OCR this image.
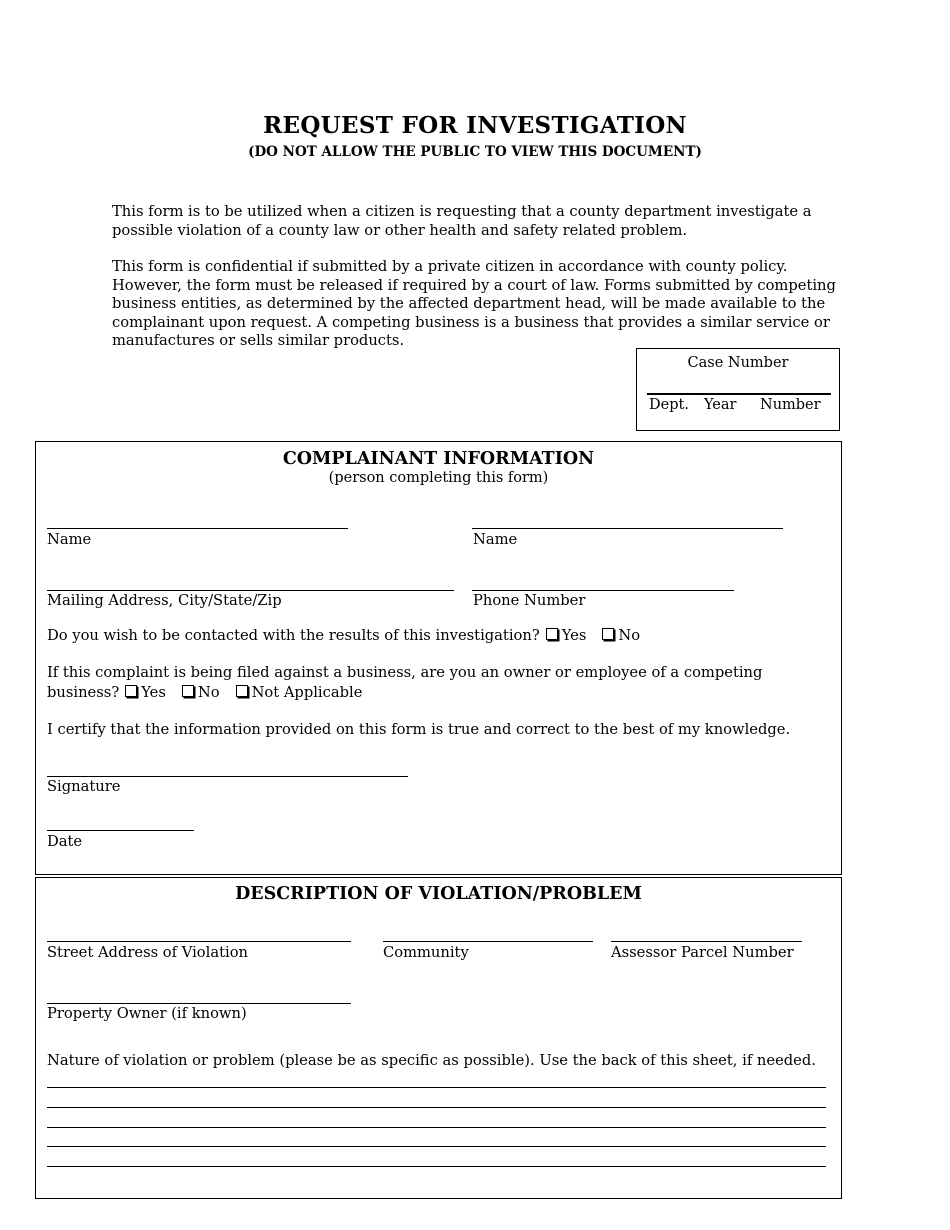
REQUEST FOR INVESTIGATION
(DO NOT ALLOW THE PUBLIC TO VIEW THIS DOCUMENT)
This form is to be utilized when a citizen is requesting that a county department investigate a possible violation of a county law or other health and safety related problem.
This form is confidential if submitted by a private citizen in accordance with county policy. However, the form must be released if required by a court of law. Forms submitted by competing business entities, as determined by the affected department head, will be made available to the complainant upon request. A competing business is a business that provides a similar service or manufactures or sells similar products.
Case Number
Dept. Year Number
COMPLAINANT INFORMATION
(person completing this form)
Name	Name
Mailing Address, City/State/Zip	Phone Number
Do you wish to be contacted with the results of this investigation? Yes No
If this complaint is being filed against a business, are you an owner or employee of a competing business? Yes No Not Applicable
I certify that the information provided on this form is true and correct to the best of my knowledge.
Signature
Date
DESCRIPTION OF VIOLATION/PROBLEM
Street Address of Violation	Community	Assessor Parcel Number
Property Owner (if known)
Nature of violation or problem (please be as specific as possible). Use the back of this sheet, if needed.
